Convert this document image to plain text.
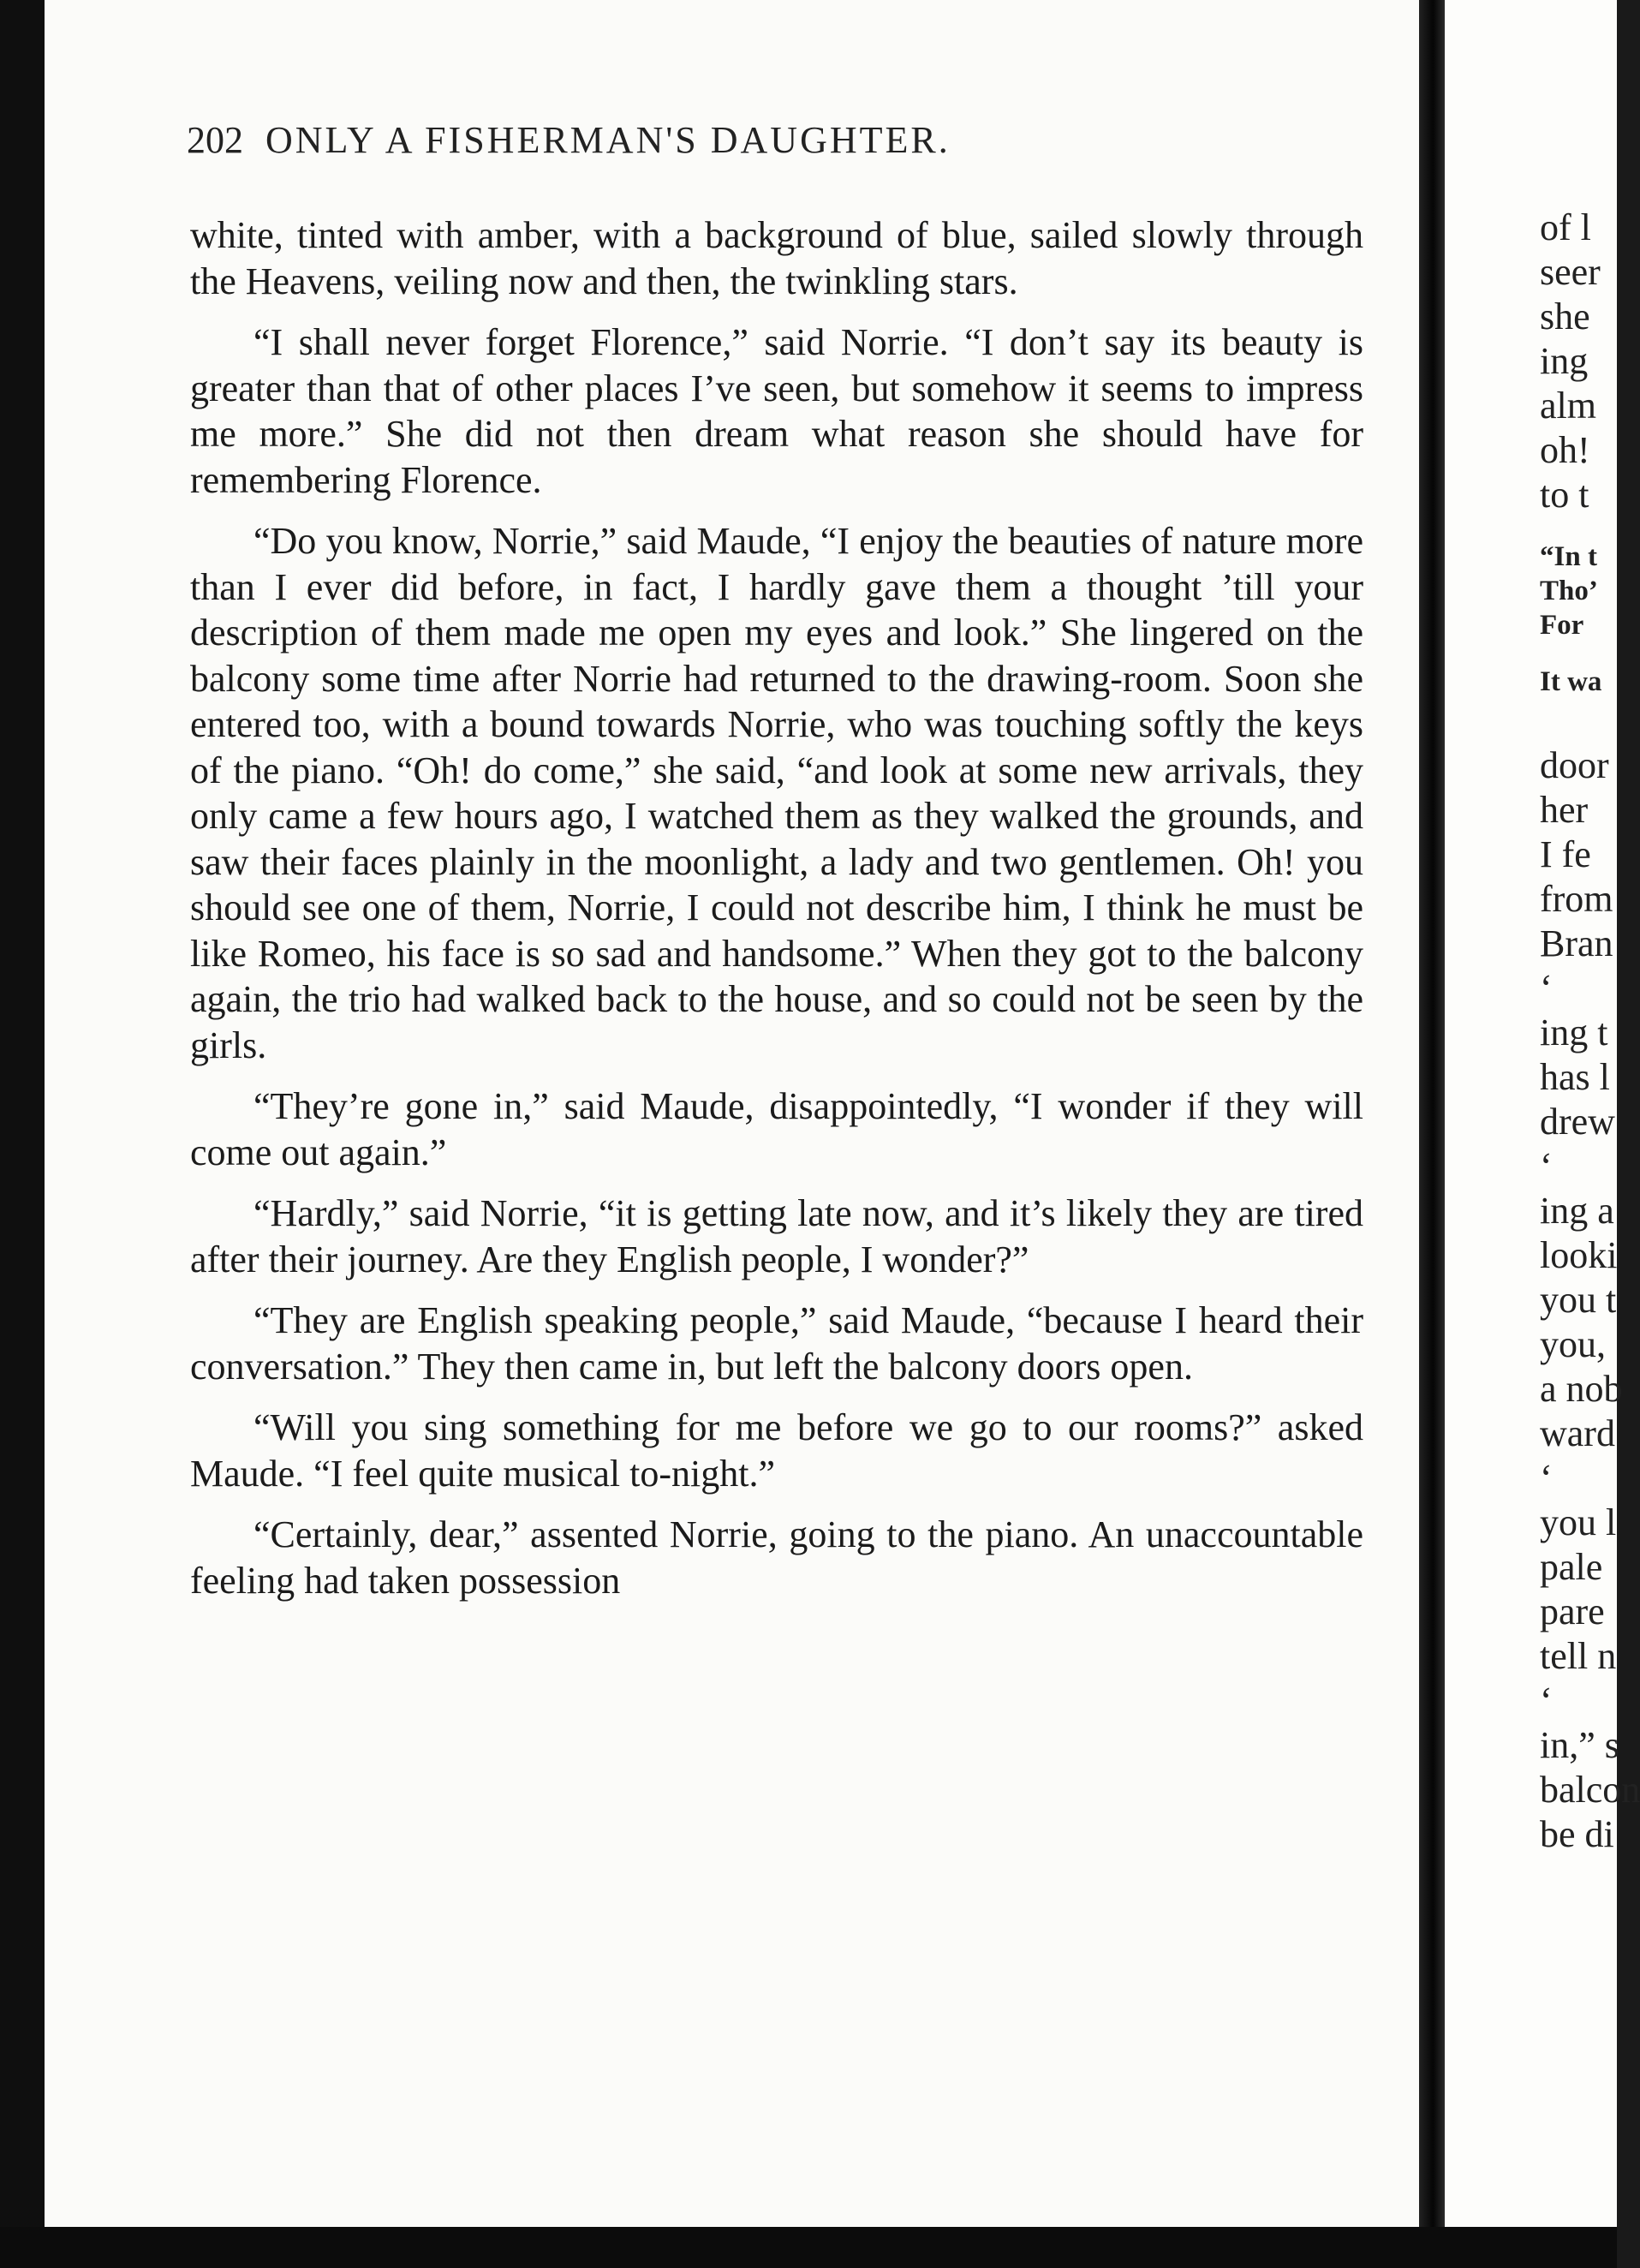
202 ONLY A FISHERMAN'S DAUGHTER.

white, tinted with amber, with a background of blue, sailed slowly through the Heavens, veiling now and then, the twinkling stars.

“I shall never forget Florence,” said Norrie. “I don’t say its beauty is greater than that of other places I’ve seen, but somehow it seems to impress me more.” She did not then dream what reason she should have for remembering Florence.

“Do you know, Norrie,” said Maude, “I enjoy the beauties of nature more than I ever did before, in fact, I hardly gave them a thought ’till your description of them made me open my eyes and look.” She lingered on the balcony some time after Norrie had returned to the drawing-room. Soon she entered too, with a bound towards Norrie, who was touching softly the keys of the piano. “Oh! do come,” she said, “and look at some new arrivals, they only came a few hours ago, I watched them as they walked the grounds, and saw their faces plainly in the moonlight, a lady and two gentlemen. Oh! you should see one of them, Norrie, I could not describe him, I think he must be like Romeo, his face is so sad and handsome.” When they got to the balcony again, the trio had walked back to the house, and so could not be seen by the girls.

“They’re gone in,” said Maude, disappointedly, “I wonder if they will come out again.”

“Hardly,” said Norrie, “it is getting late now, and it’s likely they are tired after their journey. Are they English people, I wonder?”

“They are English speaking people,” said Maude, “because I heard their conversation.” They then came in, but left the balcony doors open.

“Will you sing something for me before we go to our rooms?” asked Maude. “I feel quite musical to-night.”

“Certainly, dear,” assented Norrie, going to the piano. An unaccountable feeling had taken possession

of l
seer
she
ing
alm
oh!
to t
“In t
Tho’
For
It wa
door
her
I fe
from
Bran
‘
ing t
has l
drew
‘
ing a
looki
you t
you,
a nob
ward
‘
you l
pale
pare
tell n
‘
in,” s
balcon
be di
